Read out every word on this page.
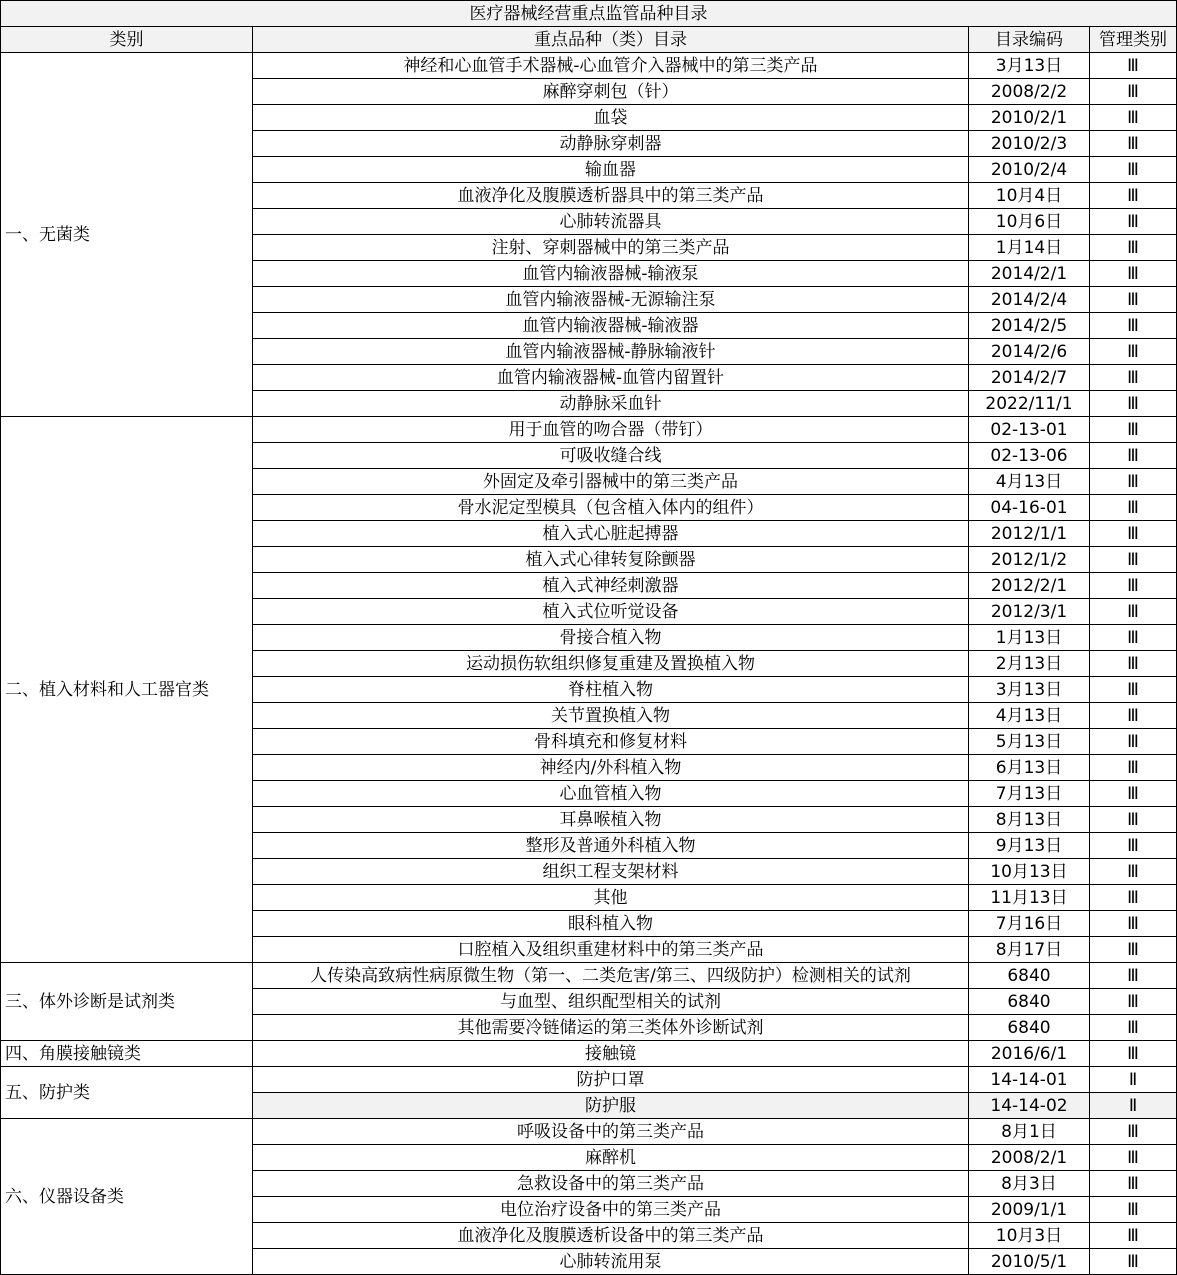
医疗器械经营重点监管品种目录			
类别	重点品种（类）目录	目录编码	管理类别
一、无菌类	神经和心血管手术器械-心血管介入器械中的第三类产品	3月13日	Ⅲ
	麻醉穿刺包（针）	2008/2/2	Ⅲ
	血袋	2010/2/1	Ⅲ
	动静脉穿刺器	2010/2/3	Ⅲ
	输血器	2010/2/4	Ⅲ
	血液净化及腹膜透析器具中的第三类产品	10月4日	Ⅲ
	心肺转流器具	10月6日	Ⅲ
	注射、穿刺器械中的第三类产品	1月14日	Ⅲ
	血管内输液器械-输液泵	2014/2/1	Ⅲ
	血管内输液器械-无源输注泵	2014/2/4	Ⅲ
	血管内输液器械-输液器	2014/2/5	Ⅲ
	血管内输液器械-静脉输液针	2014/2/6	Ⅲ
	血管内输液器械-血管内留置针	2014/2/7	Ⅲ
	动静脉采血针	2022/11/1	Ⅲ
二、植入材料和人工器官类	用于血管的吻合器（带钉）	02-13-01	Ⅲ
	可吸收缝合线	02-13-06	Ⅲ
	外固定及牵引器械中的第三类产品	4月13日	Ⅲ
	骨水泥定型模具（包含植入体内的组件）	04-16-01	Ⅲ
	植入式心脏起搏器	2012/1/1	Ⅲ
	植入式心律转复除颤器	2012/1/2	Ⅲ
	植入式神经刺激器	2012/2/1	Ⅲ
	植入式位听觉设备	2012/3/1	Ⅲ
	骨接合植入物	1月13日	Ⅲ
	运动损伤软组织修复重建及置换植入物	2月13日	Ⅲ
	脊柱植入物	3月13日	Ⅲ
	关节置换植入物	4月13日	Ⅲ
	骨科填充和修复材料	5月13日	Ⅲ
	神经内/外科植入物	6月13日	Ⅲ
	心血管植入物	7月13日	Ⅲ
	耳鼻喉植入物	8月13日	Ⅲ
	整形及普通外科植入物	9月13日	Ⅲ
	组织工程支架材料	10月13日	Ⅲ
	其他	11月13日	Ⅲ
	眼科植入物	7月16日	Ⅲ
	口腔植入及组织重建材料中的第三类产品	8月17日	Ⅲ
三、体外诊断是试剂类	人传染高致病性病原微生物（第一、二类危害/第三、四级防护）检测相关的试剂	6840	Ⅲ
	与血型、组织配型相关的试剂	6840	Ⅲ
	其他需要冷链储运的第三类体外诊断试剂	6840	Ⅲ
四、角膜接触镜类	接触镜	2016/6/1	Ⅲ
五、防护类	防护口罩	14-14-01	Ⅱ
	防护服	14-14-02	Ⅱ
六、仪器设备类	呼吸设备中的第三类产品	8月1日	Ⅲ
	麻醉机	2008/2/1	Ⅲ
	急救设备中的第三类产品	8月3日	Ⅲ
	电位治疗设备中的第三类产品	2009/1/1	Ⅲ
	血液净化及腹膜透析设备中的第三类产品	10月3日	Ⅲ
	心肺转流用泵	2010/5/1	Ⅲ
